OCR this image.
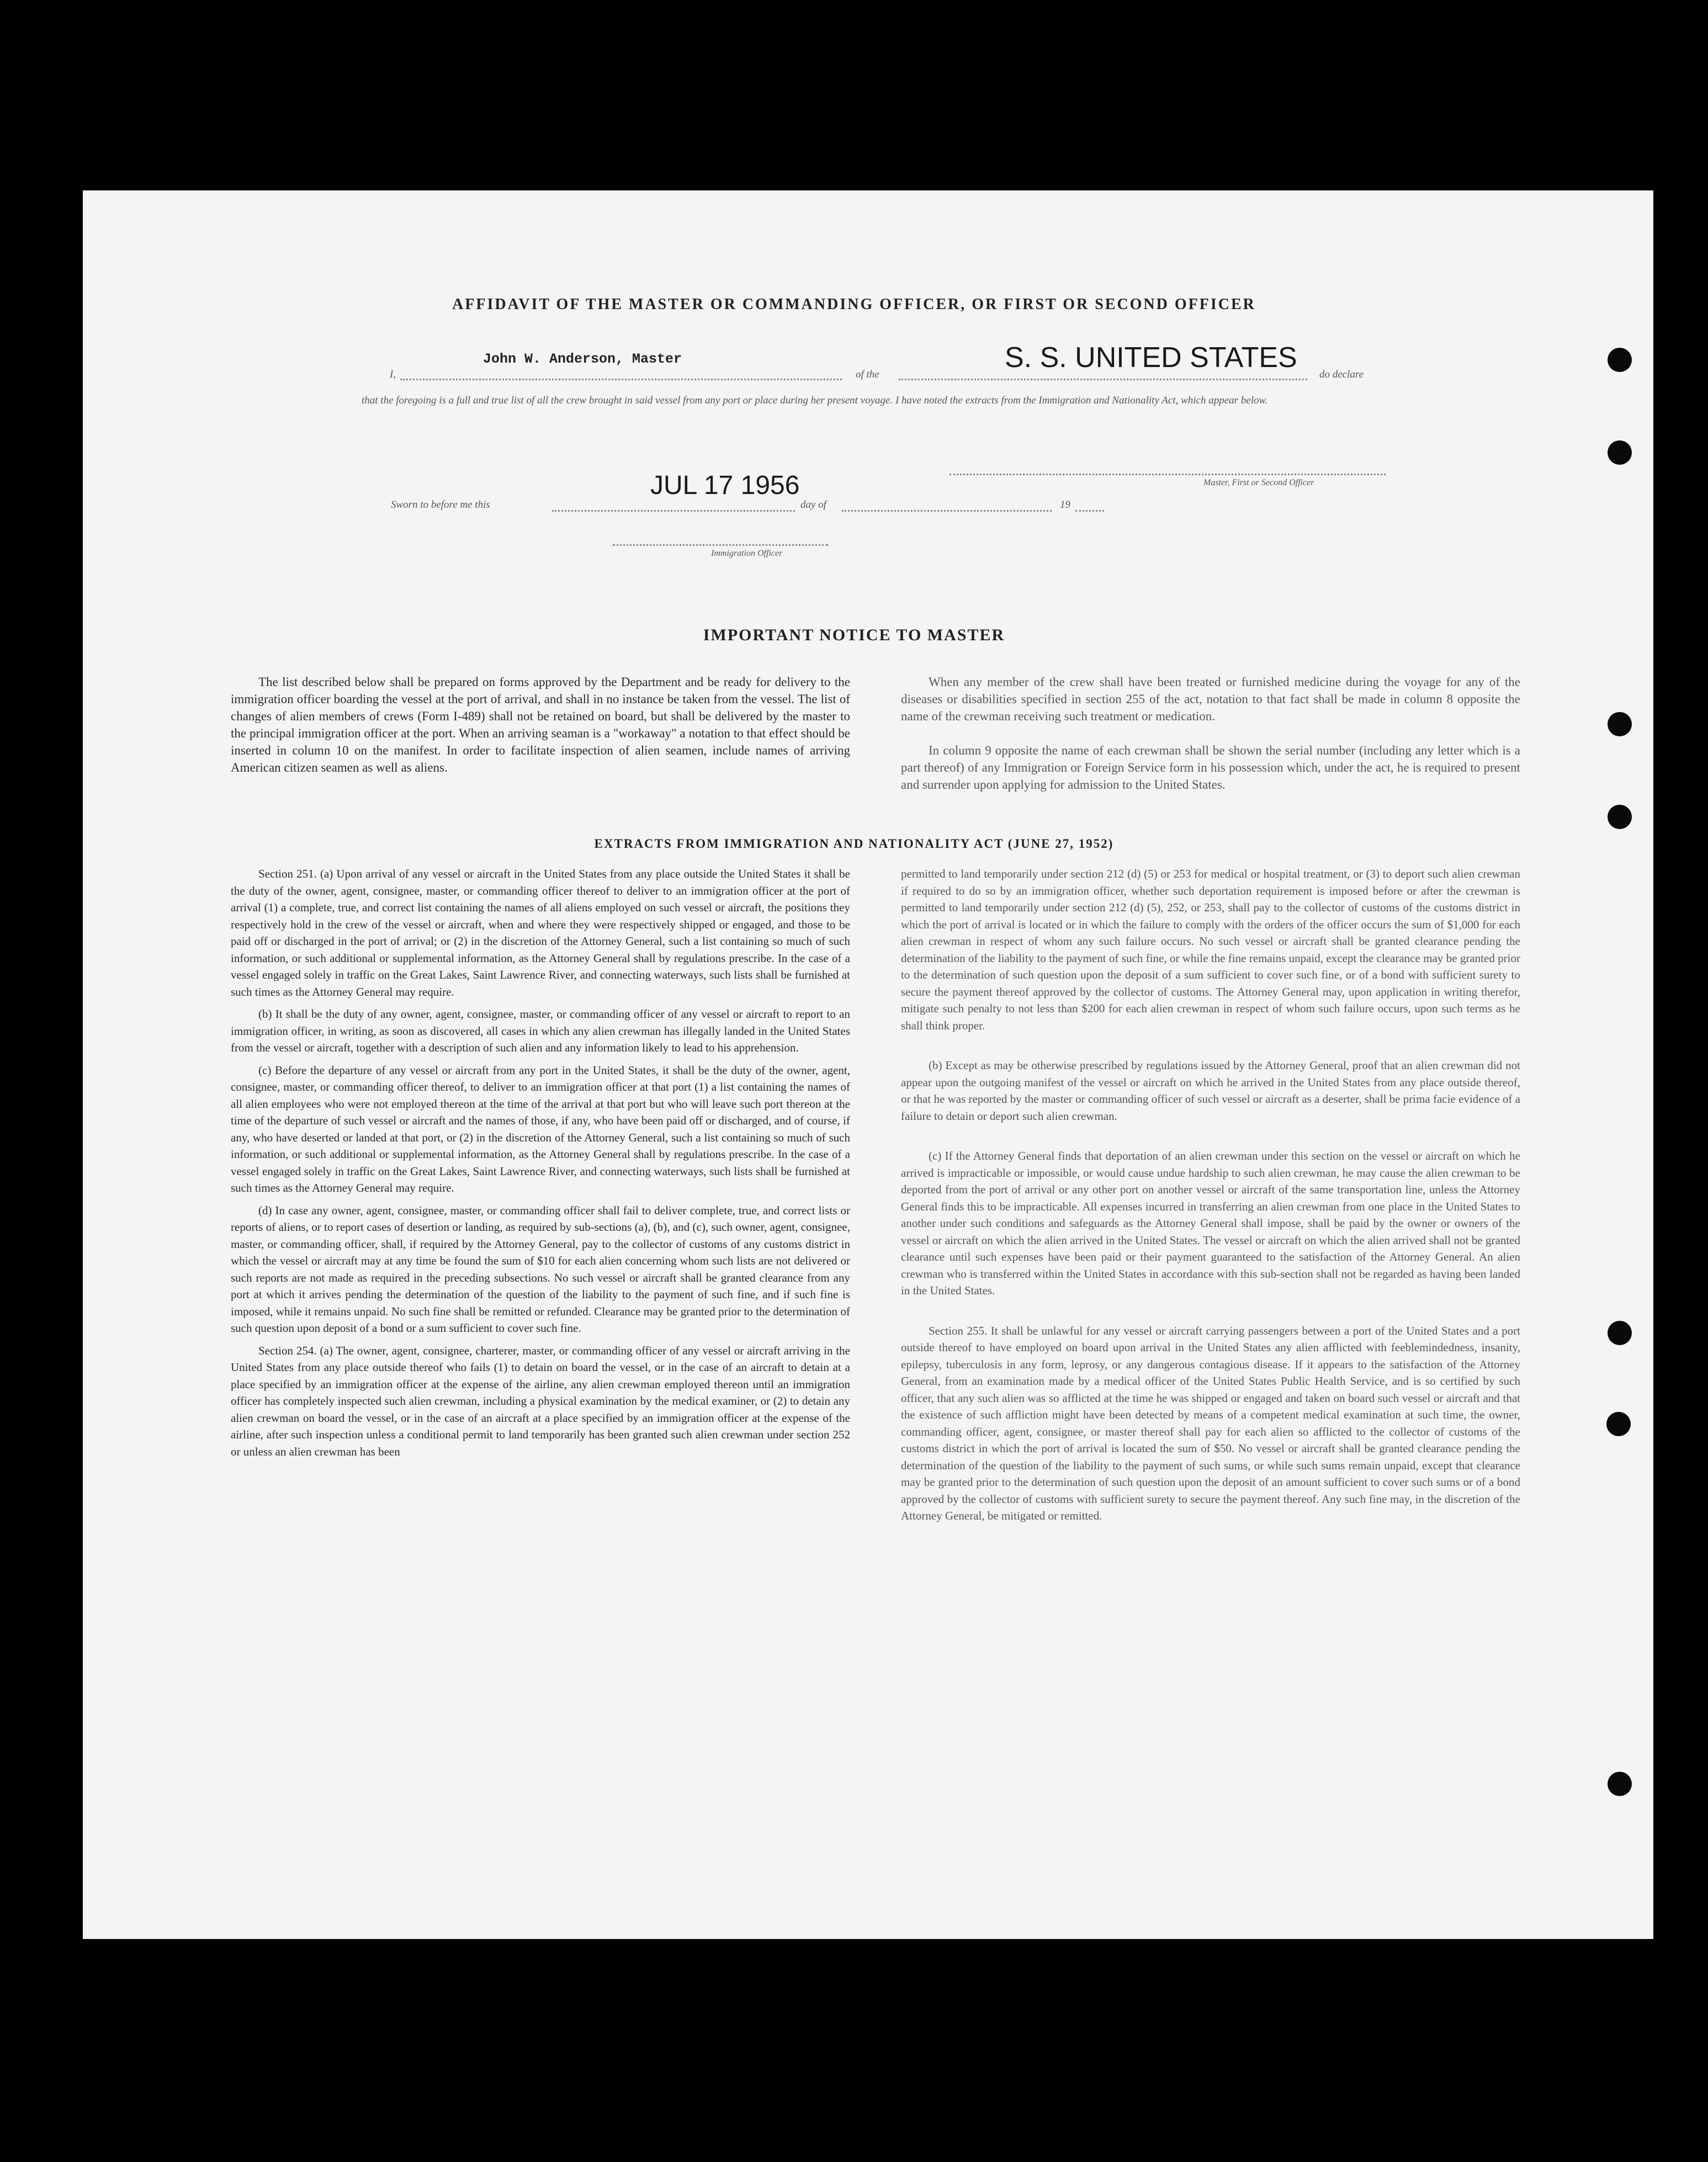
AFFIDAVIT OF THE MASTER OR COMMANDING OFFICER, OR FIRST OR SECOND OFFICER
John W. Anderson, Master
I,	of the
S. S. UNITED STATES
do declare
that the foregoing is a full and true list of all the crew brought in said vessel from any port or place during her present voyage. I have noted the extracts from the Immigration and Nationality Act, which appear below.
Master, First or Second Officer
JUL 17 1956
Sworn to before me this	day of	19
Immigration Officer
IMPORTANT NOTICE TO MASTER
The list described below shall be prepared on forms approved by the Department and be ready for delivery to the immigration officer boarding the vessel at the port of arrival, and shall in no instance be taken from the vessel. The list of changes of alien members of crews (Form I-489) shall not be retained on board, but shall be delivered by the master to the principal immigration officer at the port. When an arriving seaman is a "workaway" a notation to that effect should be inserted in column 10 on the manifest. In order to facilitate inspection of alien seamen, include names of arriving American citizen seamen as well as aliens.
When any member of the crew shall have been treated or furnished medicine during the voyage for any of the diseases or disabilities specified in section 255 of the act, notation to that fact shall be made in column 8 opposite the name of the crewman receiving such treatment or medication.
In column 9 opposite the name of each crewman shall be shown the serial number (including any letter which is a part thereof) of any Immigration or Foreign Service form in his possession which, under the act, he is required to present and surrender upon applying for admission to the United States.
EXTRACTS FROM IMMIGRATION AND NATIONALITY ACT (JUNE 27, 1952)
Section 251. (a) Upon arrival of any vessel or aircraft in the United States from any place outside the United States it shall be the duty of the owner, agent, consignee, master, or commanding officer thereof to deliver to an immigration officer at the port of arrival (1) a complete, true, and correct list containing the names of all aliens employed on such vessel or aircraft, the positions they respectively hold in the crew of the vessel or aircraft, when and where they were respectively shipped or engaged, and those to be paid off or discharged in the port of arrival; or (2) in the discretion of the Attorney General, such a list containing so much of such information, or such additional or supplemental information, as the Attorney General shall by regulations prescribe. In the case of a vessel engaged solely in traffic on the Great Lakes, Saint Lawrence River, and connecting waterways, such lists shall be furnished at such times as the Attorney General may require.
(b) It shall be the duty of any owner, agent, consignee, master, or commanding officer of any vessel or aircraft to report to an immigration officer, in writing, as soon as discovered, all cases in which any alien crewman has illegally landed in the United States from the vessel or aircraft, together with a description of such alien and any information likely to lead to his apprehension.
(c) Before the departure of any vessel or aircraft from any port in the United States, it shall be the duty of the owner, agent, consignee, master, or commanding officer thereof, to deliver to an immigration officer at that port (1) a list containing the names of all alien employees who were not employed thereon at the time of the arrival at that port but who will leave such port thereon at the time of the departure of such vessel or aircraft and the names of those, if any, who have been paid off or discharged, and of course, if any, who have deserted or landed at that port, or (2) in the discretion of the Attorney General, such a list containing so much of such information, or such additional or supplemental information, as the Attorney General shall by regulations prescribe. In the case of a vessel engaged solely in traffic on the Great Lakes, Saint Lawrence River, and connecting waterways, such lists shall be furnished at such times as the Attorney General may require.
(d) In case any owner, agent, consignee, master, or commanding officer shall fail to deliver complete, true, and correct lists or reports of aliens, or to report cases of desertion or landing, as required by sub-sections (a), (b), and (c), such owner, agent, consignee, master, or commanding officer, shall, if required by the Attorney General, pay to the collector of customs of any customs district in which the vessel or aircraft may at any time be found the sum of $10 for each alien concerning whom such lists are not delivered or such reports are not made as required in the preceding subsections. No such vessel or aircraft shall be granted clearance from any port at which it arrives pending the determination of the question of the liability to the payment of such fine, and if such fine is imposed, while it remains unpaid. No such fine shall be remitted or refunded. Clearance may be granted prior to the determination of such question upon deposit of a bond or a sum sufficient to cover such fine.
Section 254. (a) The owner, agent, consignee, charterer, master, or commanding officer of any vessel or aircraft arriving in the United States from any place outside thereof who fails (1) to detain on board the vessel, or in the case of an aircraft to detain at a place specified by an immigration officer at the expense of the airline, any alien crewman employed thereon until an immigration officer has completely inspected such alien crewman, including a physical examination by the medical examiner, or (2) to detain any alien crewman on board the vessel, or in the case of an aircraft at a place specified by an immigration officer at the expense of the airline, after such inspection unless a conditional permit to land temporarily has been granted such alien crewman under section 252 or unless an alien crewman has been
permitted to land temporarily under section 212 (d) (5) or 253 for medical or hospital treatment, or (3) to deport such alien crewman if required to do so by an immigration officer, whether such deportation requirement is imposed before or after the crewman is permitted to land temporarily under section 212 (d) (5), 252, or 253, shall pay to the collector of customs of the customs district in which the port of arrival is located or in which the failure to comply with the orders of the officer occurs the sum of $1,000 for each alien crewman in respect of whom any such failure occurs. No such vessel or aircraft shall be granted clearance pending the determination of the liability to the payment of such fine, or while the fine remains unpaid, except the clearance may be granted prior to the determination of such question upon the deposit of a sum sufficient to cover such fine, or of a bond with sufficient surety to secure the payment thereof approved by the collector of customs. The Attorney General may, upon application in writing therefor, mitigate such penalty to not less than $200 for each alien crewman in respect of whom such failure occurs, upon such terms as he shall think proper.
(b) Except as may be otherwise prescribed by regulations issued by the Attorney General, proof that an alien crewman did not appear upon the outgoing manifest of the vessel or aircraft on which he arrived in the United States from any place outside thereof, or that he was reported by the master or commanding officer of such vessel or aircraft as a deserter, shall be prima facie evidence of a failure to detain or deport such alien crewman.
(c) If the Attorney General finds that deportation of an alien crewman under this section on the vessel or aircraft on which he arrived is impracticable or impossible, or would cause undue hardship to such alien crewman, he may cause the alien crewman to be deported from the port of arrival or any other port on another vessel or aircraft of the same transportation line, unless the Attorney General finds this to be impracticable. All expenses incurred in transferring an alien crewman from one place in the United States to another under such conditions and safeguards as the Attorney General shall impose, shall be paid by the owner or owners of the vessel or aircraft on which the alien arrived in the United States. The vessel or aircraft on which the alien arrived shall not be granted clearance until such expenses have been paid or their payment guaranteed to the satisfaction of the Attorney General. An alien crewman who is transferred within the United States in accordance with this sub-section shall not be regarded as having been landed in the United States.
Section 255. It shall be unlawful for any vessel or aircraft carrying passengers between a port of the United States and a port outside thereof to have employed on board upon arrival in the United States any alien afflicted with feeblemindedness, insanity, epilepsy, tuberculosis in any form, leprosy, or any dangerous contagious disease. If it appears to the satisfaction of the Attorney General, from an examination made by a medical officer of the United States Public Health Service, and is so certified by such officer, that any such alien was so afflicted at the time he was shipped or engaged and taken on board such vessel or aircraft and that the existence of such affliction might have been detected by means of a competent medical examination at such time, the owner, commanding officer, agent, consignee, or master thereof shall pay for each alien so afflicted to the collector of customs of the customs district in which the port of arrival is located the sum of $50. No vessel or aircraft shall be granted clearance pending the determination of the question of the liability to the payment of such sums, or while such sums remain unpaid, except that clearance may be granted prior to the determination of such question upon the deposit of an amount sufficient to cover such sums or of a bond approved by the collector of customs with sufficient surety to secure the payment thereof. Any such fine may, in the discretion of the Attorney General, be mitigated or remitted.
